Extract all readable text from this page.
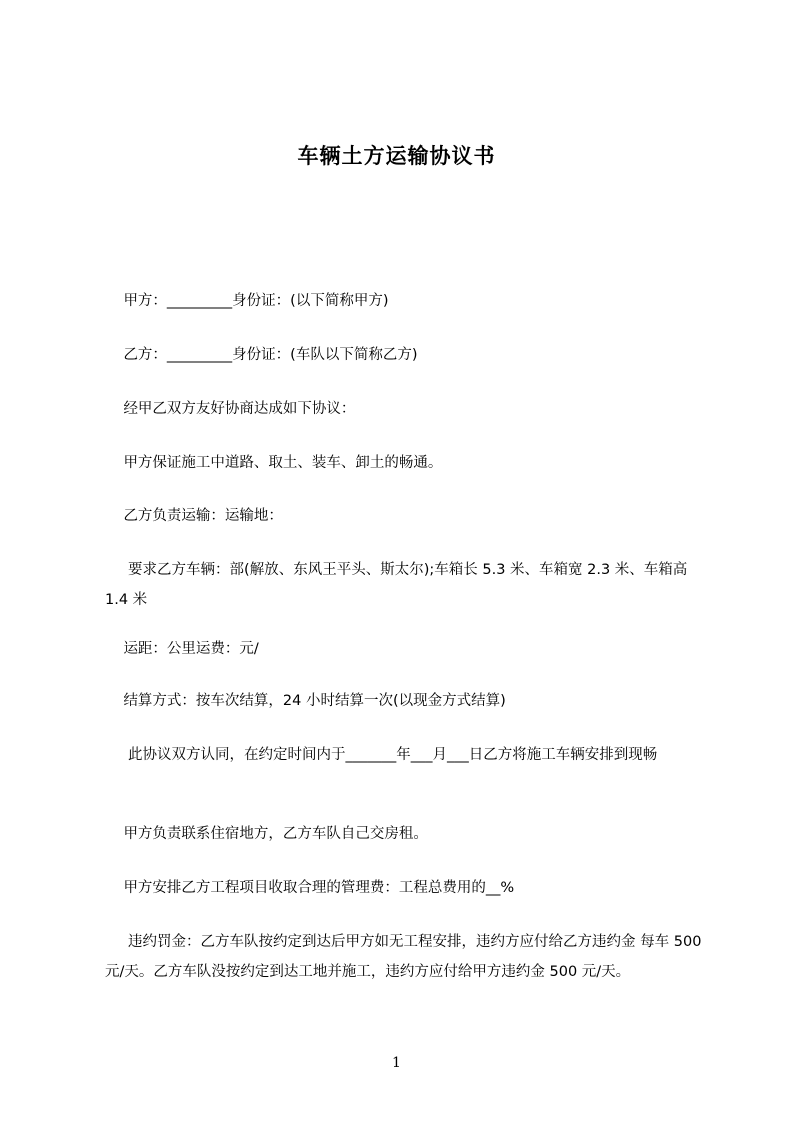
车辆土方运输协议书
甲方：_________身份证：(以下简称甲方)
乙方：_________身份证：(车队以下简称乙方)
经甲乙双方友好协商达成如下协议：
甲方保证施工中道路、取土、装车、卸土的畅通。
乙方负责运输：运输地：
要求乙方车辆：部(解放、东风王平头、斯太尔);车箱长 5.3 米、车箱宽 2.3 米、车箱高 1.4 米
运距：公里运费：元/
结算方式：按车次结算，24 小时结算一次(以现金方式结算)
此协议双方认同，在约定时间内于_______年___月___日乙方将施工车辆安排到现畅
甲方负责联系住宿地方，乙方车队自己交房租。
甲方安排乙方工程项目收取合理的管理费：工程总费用的__%
违约罚金：乙方车队按约定到达后甲方如无工程安排，违约方应付给乙方违约金 每车 500 元/天。乙方车队没按约定到达工地并施工，违约方应付给甲方违约金 500 元/天。
1
